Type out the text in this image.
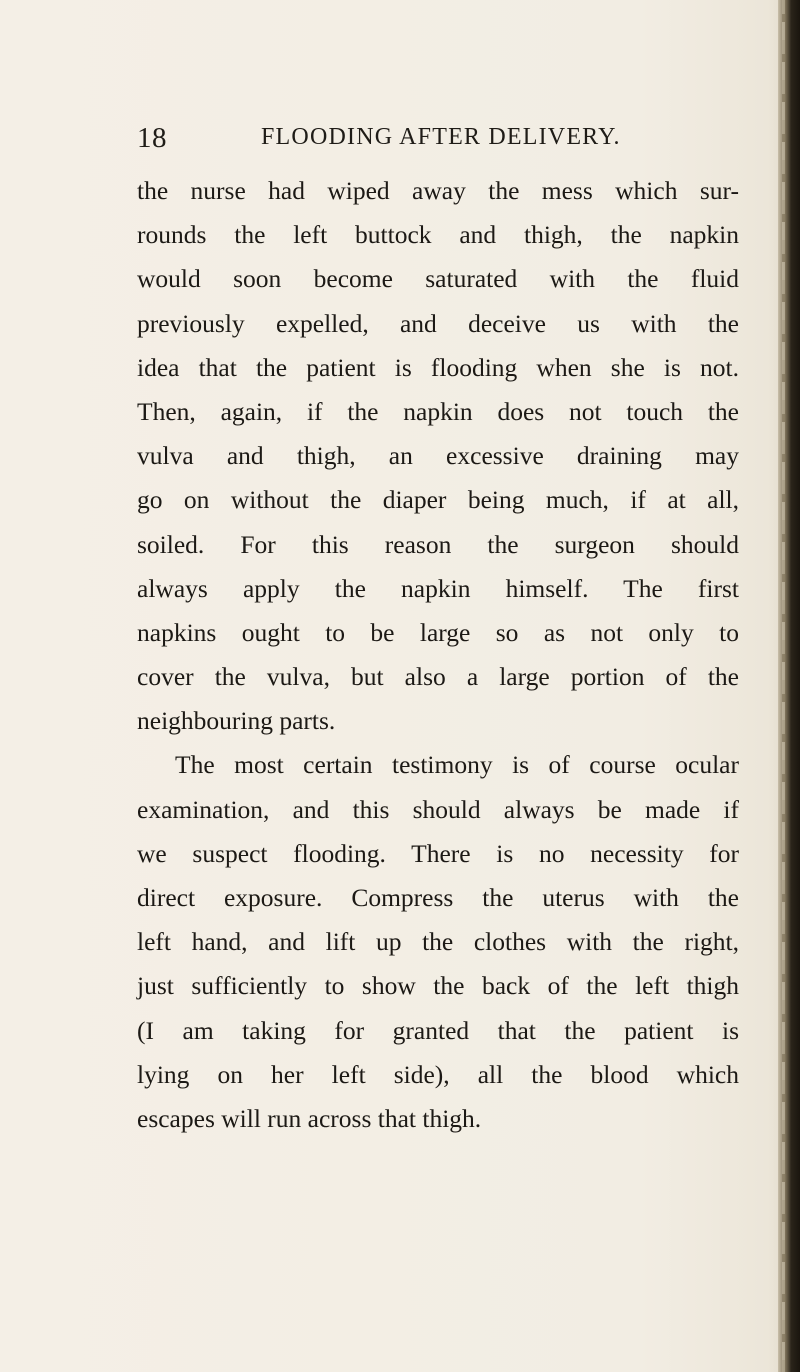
18	FLOODING AFTER DELIVERY.
the nurse had wiped away the mess which sur-
rounds the left buttock and thigh, the napkin
would soon become saturated with the fluid
previously expelled, and deceive us with the
idea that the patient is flooding when she is not.
Then, again, if the napkin does not touch the
vulva and thigh, an excessive draining may
go on without the diaper being much, if at all,
soiled. For this reason the surgeon should
always apply the napkin himself. The first
napkins ought to be large so as not only to
cover the vulva, but also a large portion of the
neighbouring parts.
The most certain testimony is of course ocular
examination, and this should always be made if
we suspect flooding. There is no necessity for
direct exposure. Compress the uterus with the
left hand, and lift up the clothes with the right,
just sufficiently to show the back of the left thigh
(I am taking for granted that the patient is
lying on her left side), all the blood which
escapes will run across that thigh.
